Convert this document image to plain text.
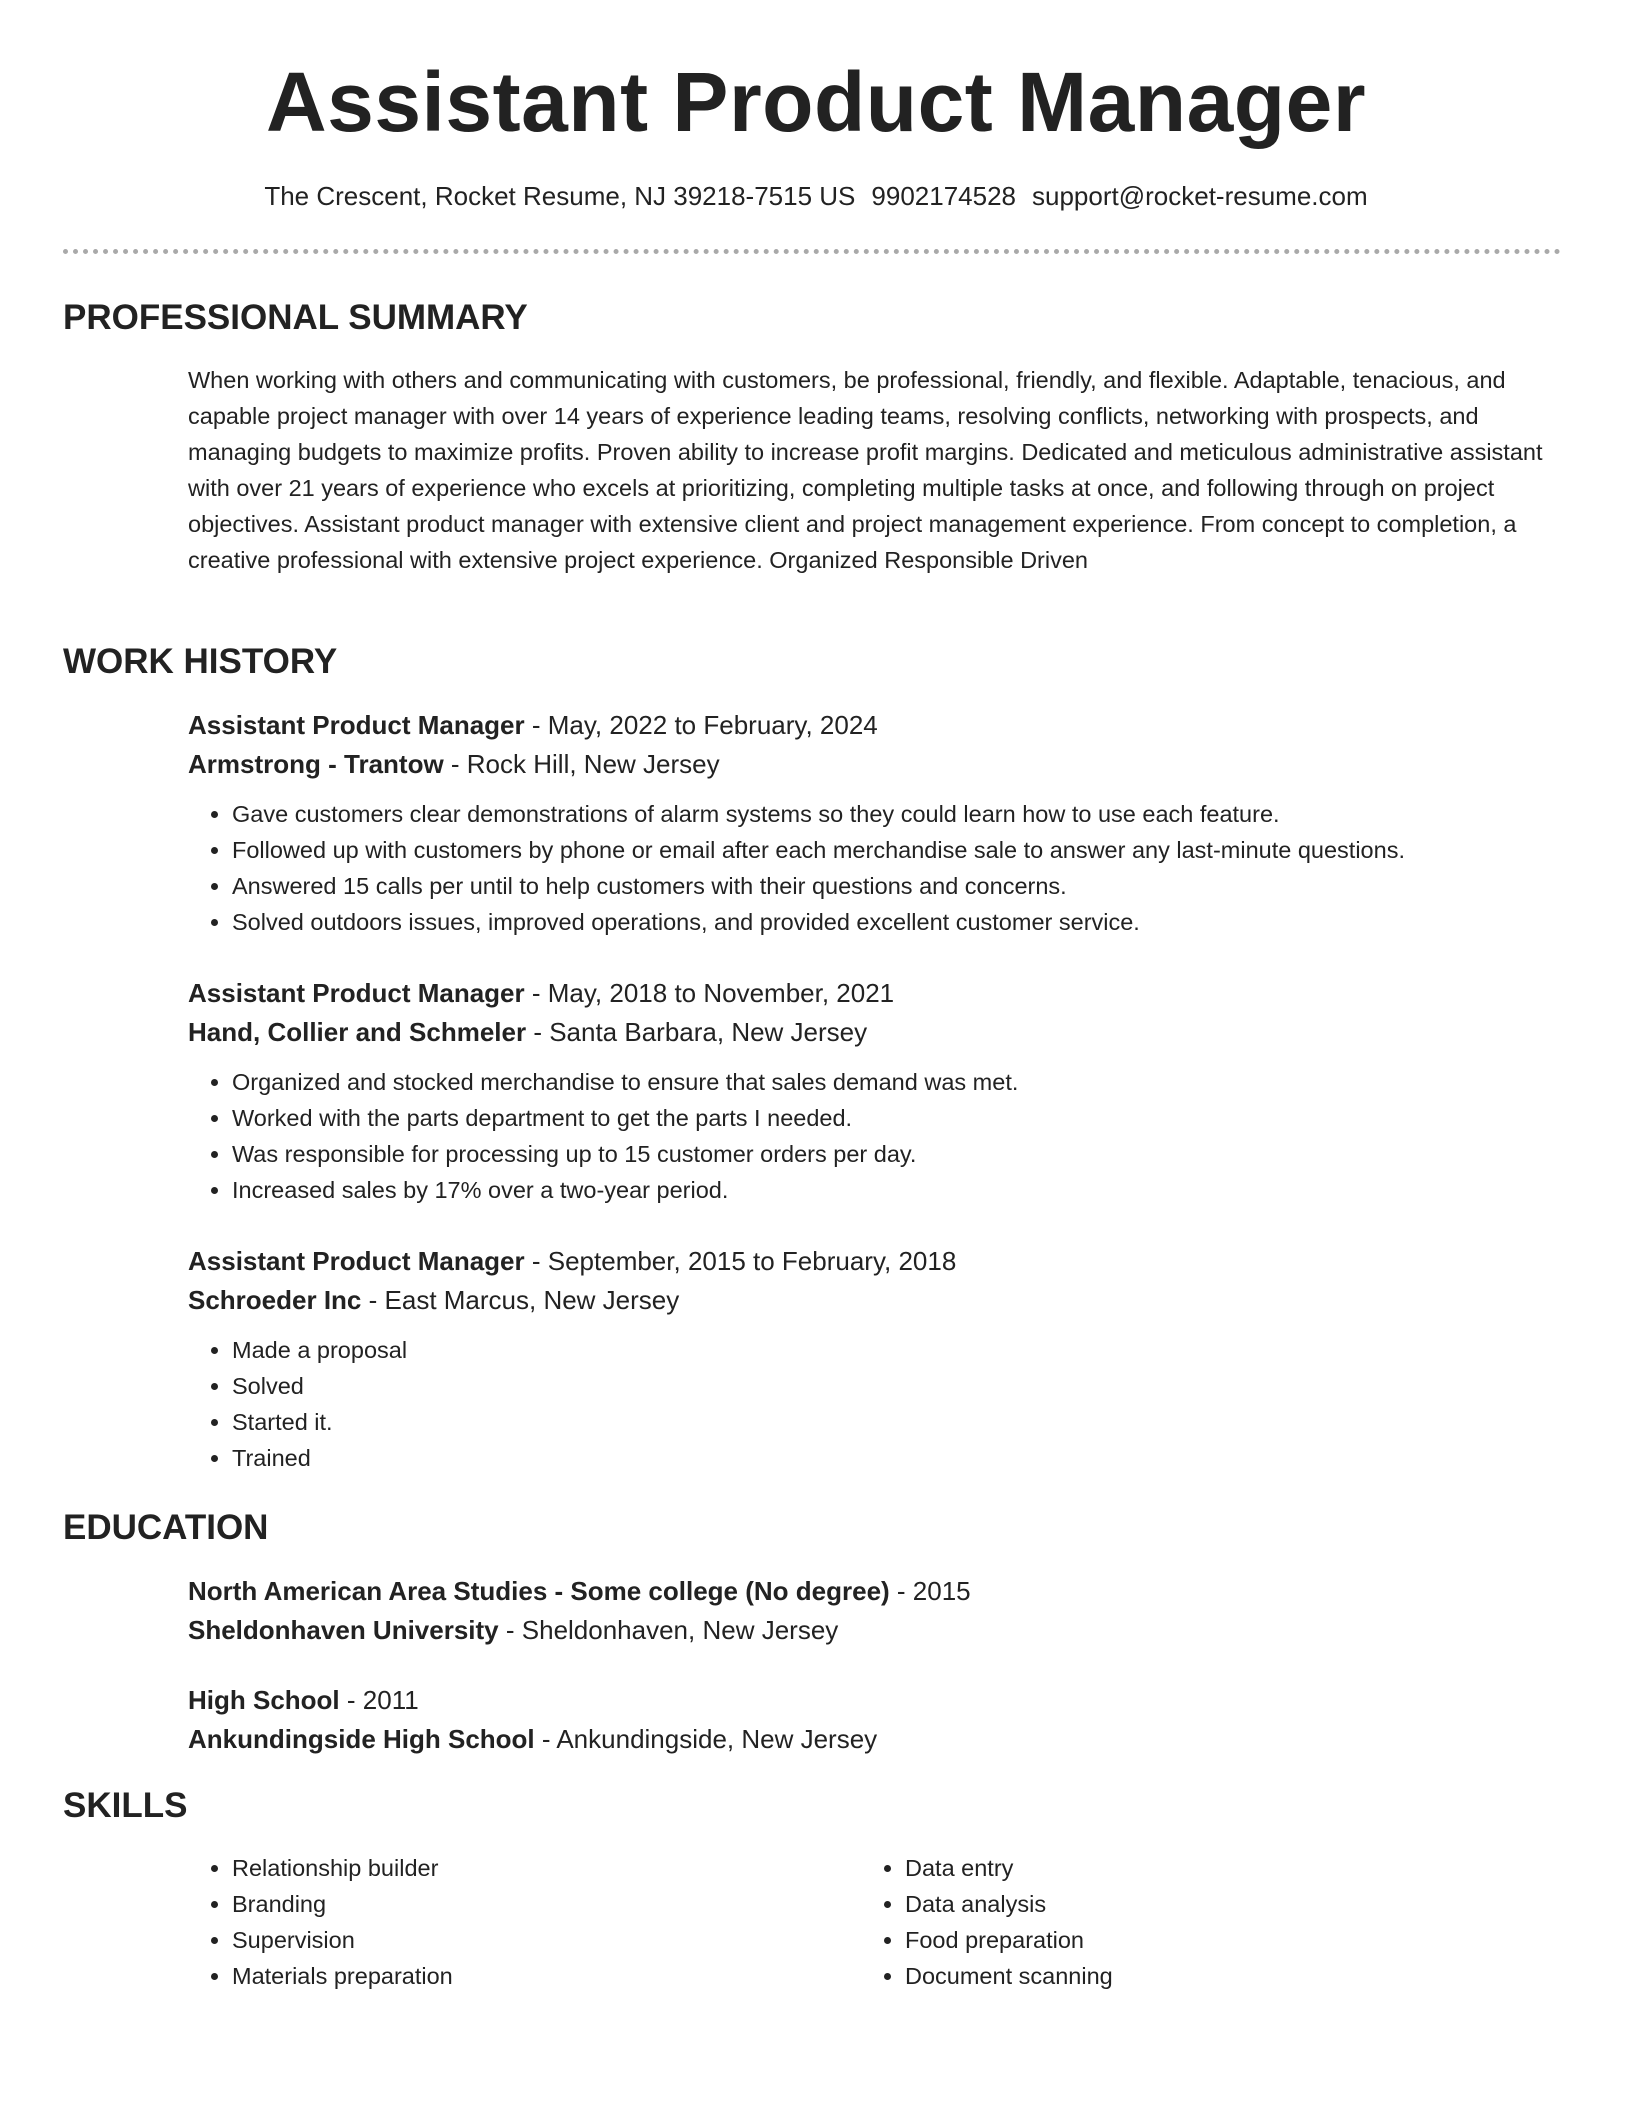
Assistant Product Manager
The Crescent, Rocket Resume, NJ 39218-7515 US 9902174528 support@rocket-resume.com
PROFESSIONAL SUMMARY

When working with others and communicating with customers, be professional, friendly, and flexible. Adaptable, tenacious, and capable project manager with over 14 years of experience leading teams, resolving conflicts, networking with prospects, and managing budgets to maximize profits. Proven ability to increase profit margins. Dedicated and meticulous administrative assistant with over 21 years of experience who excels at prioritizing, completing multiple tasks at once, and following through on project objectives. Assistant product manager with extensive client and project management experience. From concept to completion, a creative professional with extensive project experience. Organized Responsible Driven

WORK HISTORY

Assistant Product Manager - May, 2022 to February, 2024

Armstrong - Trantow - Rock Hill, New Jersey

• Gave customers clear demonstrations of alarm systems so they could learn how to use each feature.
• Followed up with customers by phone or email after each merchandise sale to answer any last-minute questions.
• Answered 15 calls per until to help customers with their questions and concerns.
• Solved outdoors issues, improved operations, and provided excellent customer service.

Assistant Product Manager - May, 2018 to November, 2021

Hand, Collier and Schmeler - Santa Barbara, New Jersey

• Organized and stocked merchandise to ensure that sales demand was met.
• Worked with the parts department to get the parts I needed.
• Was responsible for processing up to 15 customer orders per day.
• Increased sales by 17% over a two-year period.

Assistant Product Manager - September, 2015 to February, 2018

Schroeder Inc - East Marcus, New Jersey

• Made a proposal
• Solved
• Started it.
• Trained
EDUCATION

North American Area Studies - Some college (No degree) - 2015

Sheldonhaven University - Sheldonhaven, New Jersey

High School - 2011

Ankundingside High School - Ankundingside, New Jersey

SKILLS
• Relationship builder
• Branding
• Supervision
• Materials preparation
• Data entry
• Data analysis
• Food preparation
• Document scanning
